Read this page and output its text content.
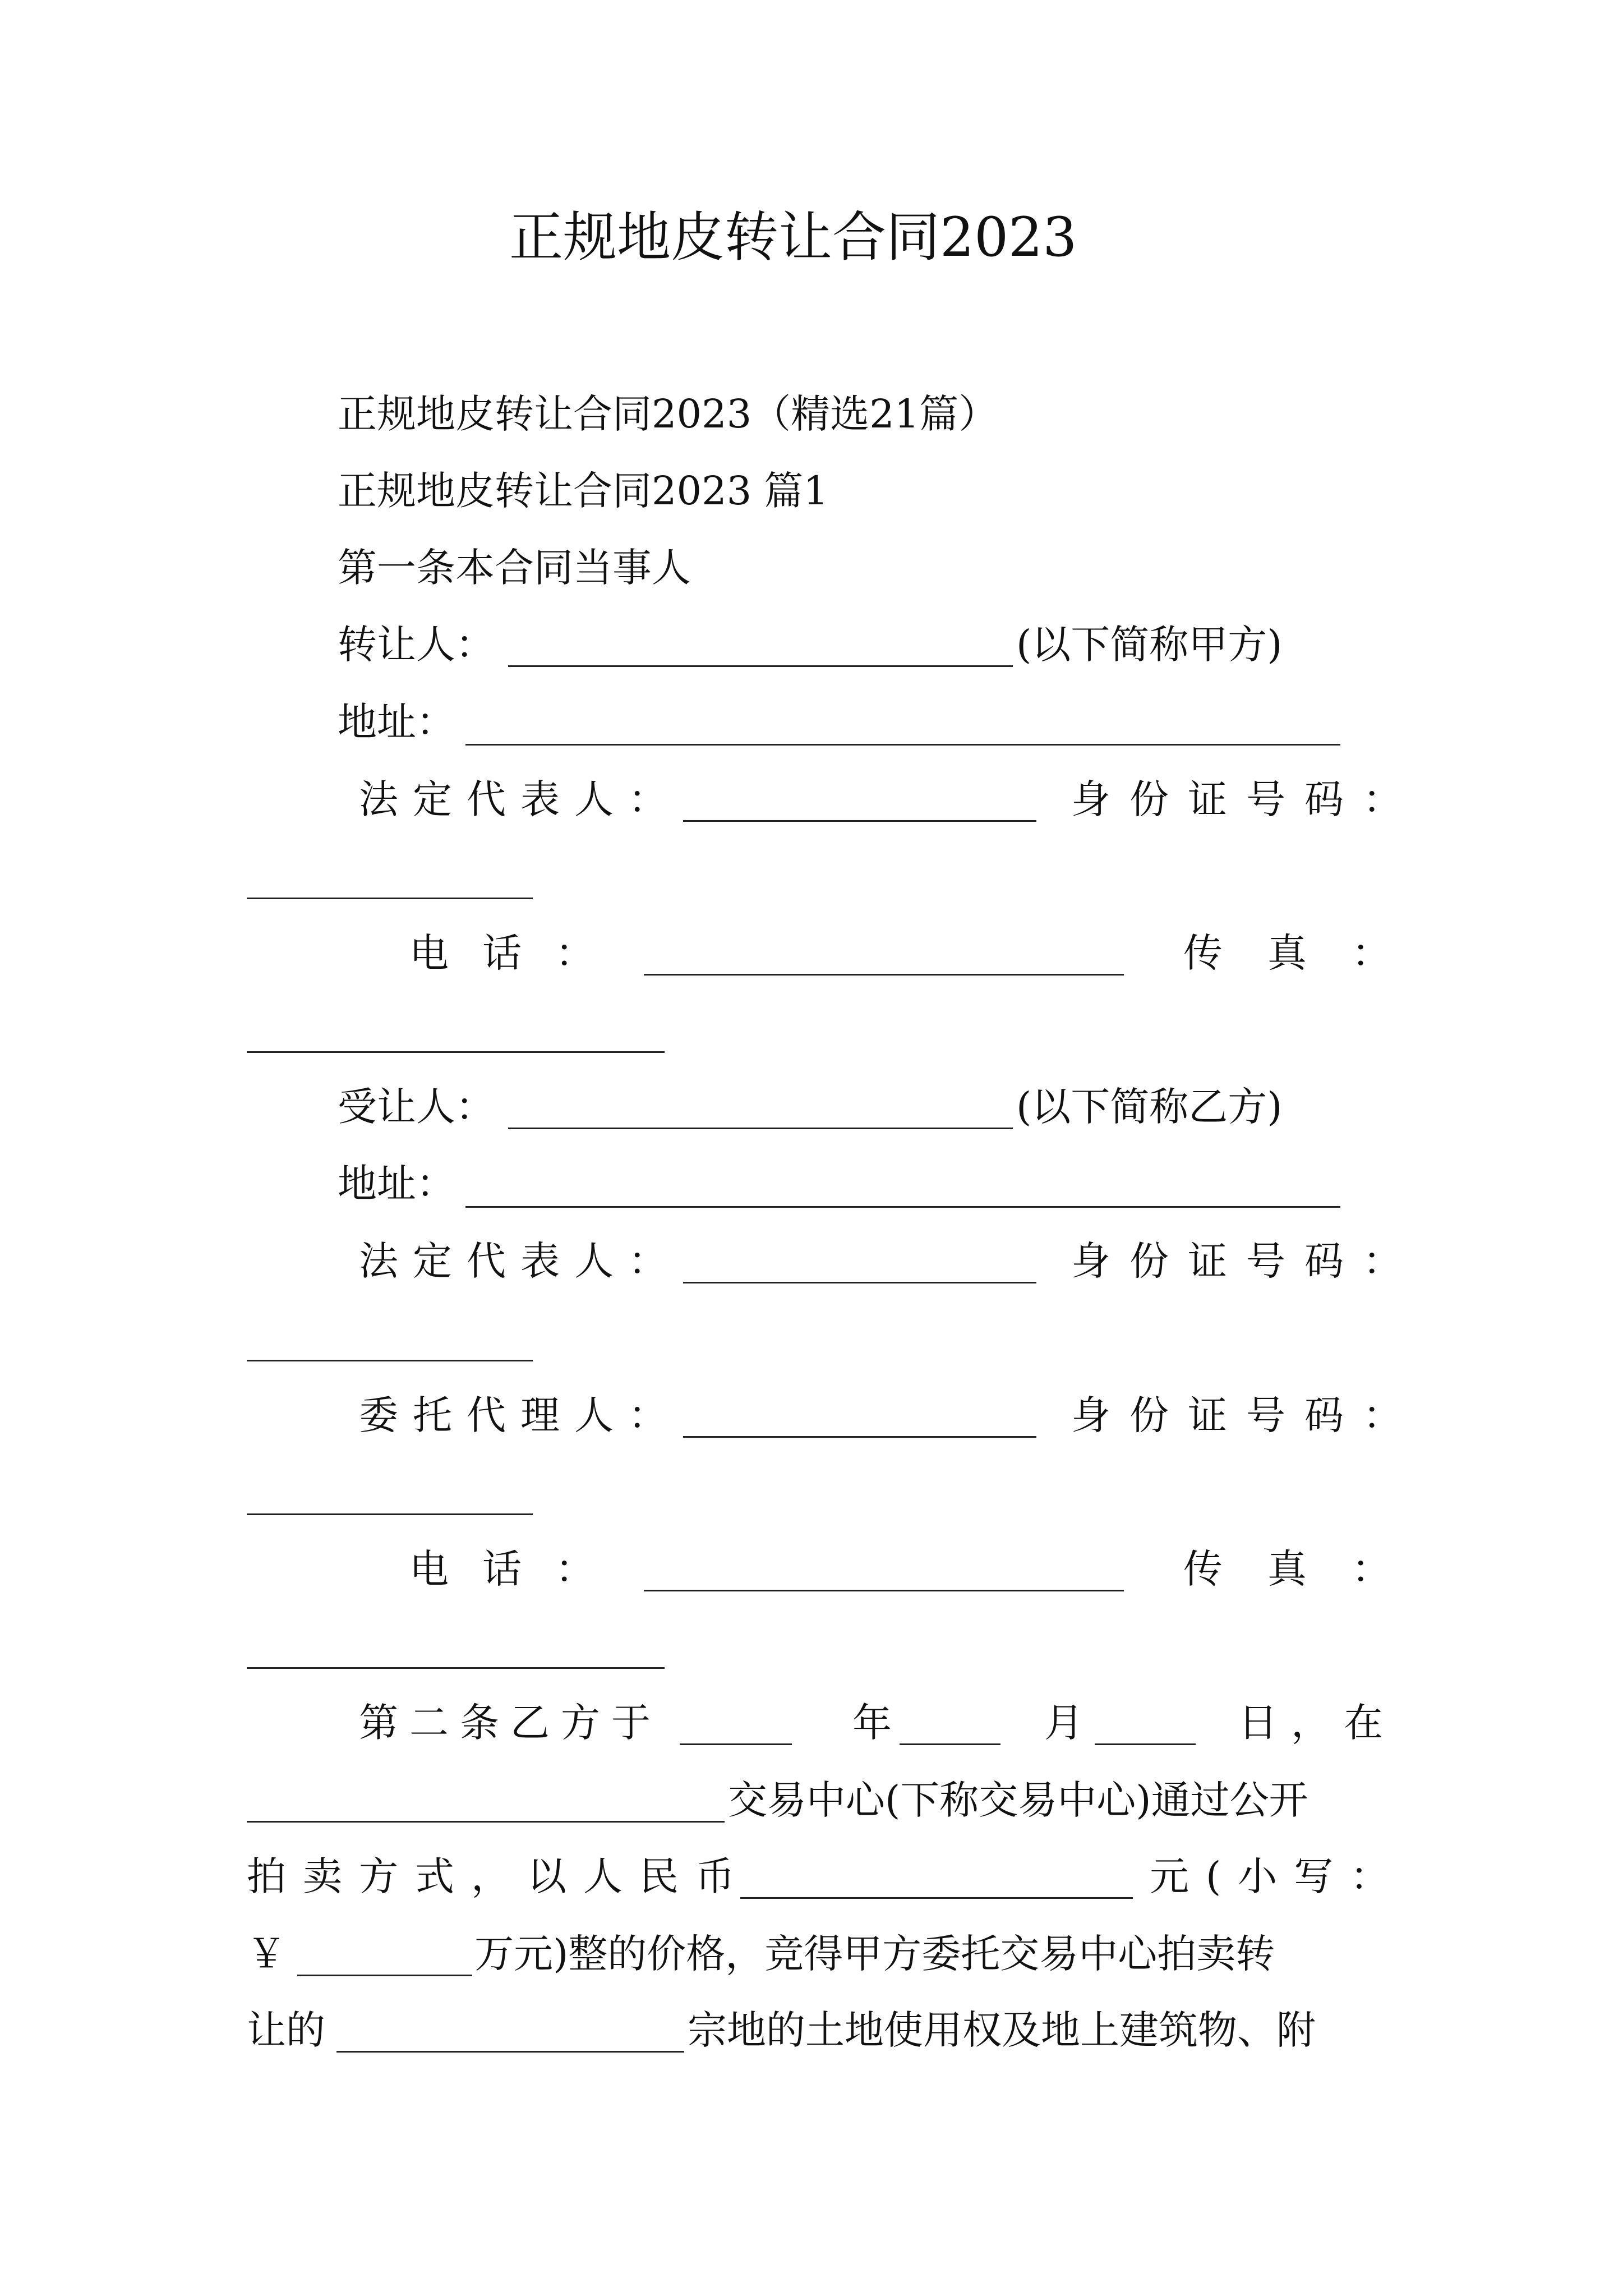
正规地皮转让合同2023
正规地皮转让合同2023（精选21篇）
正规地皮转让合同2023 篇1
第一条本合同当事人
转让人：	(以下简称甲方)
地址：
法定代表人：	身份证号码：
电话：	传真：
受让人：	(以下简称乙方)
地址：
法定代表人：	身份证号码：
委托代理人：	身份证号码：
电话：	传真：
第二条乙方于	年	月	日，在
交易中心(下称交易中心)通过公开
拍卖方式，以人民币	元(小写：
￥	万元)整的价格，竞得甲方委托交易中心拍卖转
让的	宗地的土地使用权及地上建筑物、附
